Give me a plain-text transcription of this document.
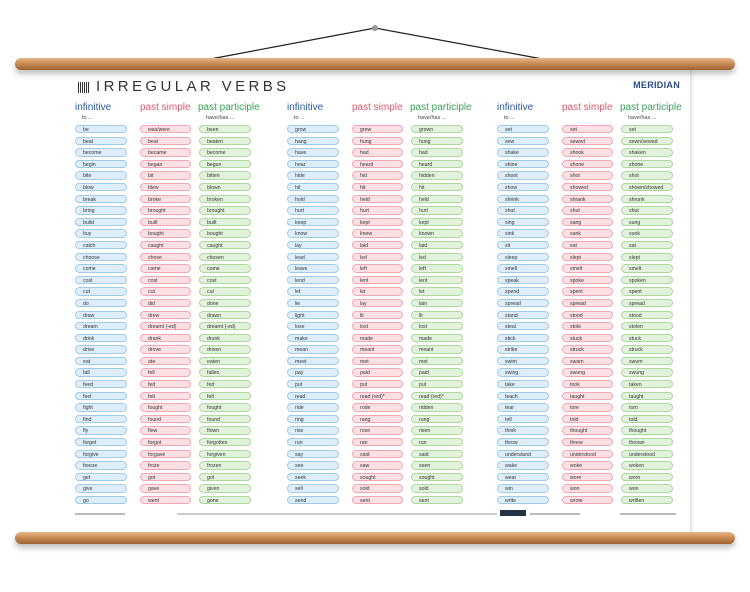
IRREGULAR VERBS	MERIDIAN

infinitive	past simple past participle
to ...	have/has ...
be	was/were	been
beat	beat	beaten
become	became	become
begin	began	begun
bite	bit	bitten
blow	blew	blown
break	broke	broken
bring	brought	brought
build	built	built
buy	bought	bought
catch	caught	caught
choose	chose	chosen
come	came	come
cost	cost	cost
cut	cut	cut
do	did	done
draw	drew	drawn
dream	dreamt (-ed)	dreamt (-ed)
drink	drank	drunk
drive	drove	driven
eat	ate	eaten
fall	fell	fallen
feed	fed	fed
feel	felt	felt
fight	fought	fought
find	found	found
fly	flew	flown
forget	forgot	forgotten
forgive	forgave	forgiven
freeze	froze	frozen
get	got	got
give	gave	given
go	went	gone
infinitive	past simple past participle
to ...	have/has ...
grow	grew	grown
hang	hung	hung
have	had	had
hear	heard	heard
hide	hid	hidden
hit	hit	hit
hold	held	held
hurt	hurt	hurt
keep	kept	kept
know	knew	known
lay	laid	laid
lead	led	led
leave	left	left
lend	lent	lent
let	let	let
lie	lay	lain
light	lit	lit
lose	lost	lost
make	made	made
mean	meant	meant
meet	met	met
pay	paid	paid
put	put	put
read	read (red)*	read (red)*
ride	rode	ridden
ring	rang	rung
rise	rose	risen
run	ran	run
say	said	said
see	saw	seen
seek	sought	sought
sell	sold	sold
send	sent	sent
infinitive	past simple past participle
to ...	have/has ...
set	set	set
sew	sewed	sewn/sewed
shake	shook	shaken
shine	shone	shone
shoot	shot	shot
show	showed	shown/showed
shrink	shrank	shrunk
shut	shut	shut
sing	sang	sung
sink	sank	sunk
sit	sat	sat
sleep	slept	slept
smell	smelt	smelt
speak	spoke	spoken
spend	spent	spent
spread	spread	spread
stand	stood	stood
steal	stole	stolen
stick	stuck	stuck
strike	struck	struck
swim	swam	swum
swing	swung	swung
take	took	taken
teach	taught	taught
tear	tore	torn
tell	told	told
think	thought	thought
throw	threw	thrown
understand	understood	understood
wake	woke	woken
wear	wore	worn
win	won	won
write	wrote	written
